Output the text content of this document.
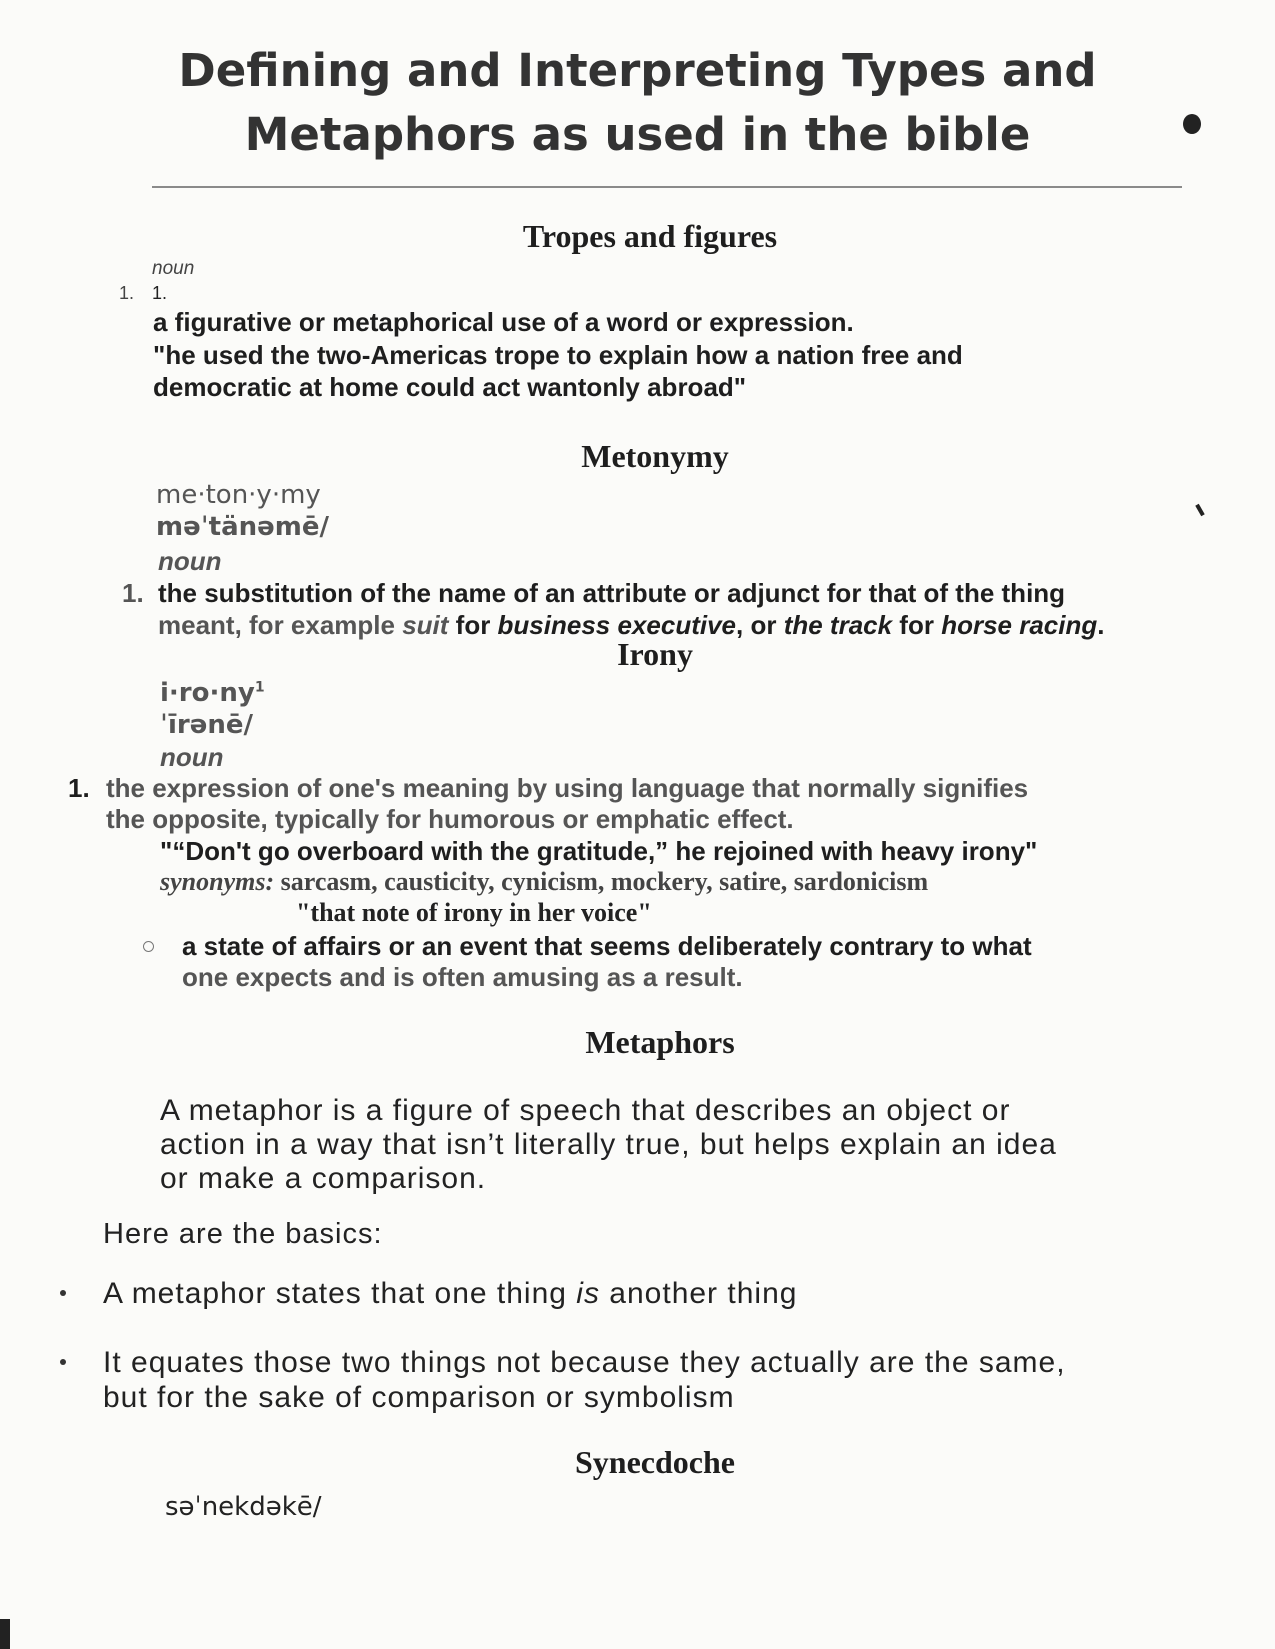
Defining and Interpreting Types and
Metaphors as used in the bible
Tropes and figures
noun
1. 1.
a figurative or metaphorical use of a word or expression.
"he used the two-Americas trope to explain how a nation free and
democratic at home could act wantonly abroad"
Metonymy
me·ton·y·my
məˈtänəmē/
noun
1. the substitution of the name of an attribute or adjunct for that of the thing
meant, for example suit for business executive, or the track for horse racing.
Irony
$i\cdot ro\cdot ny^1$
ˈīrənē/
noun
1. the expression of one's meaning by using language that normally signifies
the opposite, typically for humorous or emphatic effect.
"“Don't go overboard with the gratitude,” he rejoined with heavy irony"
synonyms: sarcasm, causticity, cynicism, mockery, satire, sardonicism
"that note of irony in her voice"
a state of affairs or an event that seems deliberately contrary to what
one expects and is often amusing as a result.
Metaphors
A metaphor is a figure of speech that describes an object or
action in a way that isn’t literally true, but helps explain an idea
or make a comparison.
Here are the basics:
A metaphor states that one thing is another thing
It equates those two things not because they actually are the same,
but for the sake of comparison or symbolism
Synecdoche
səˈnekdəkē/
